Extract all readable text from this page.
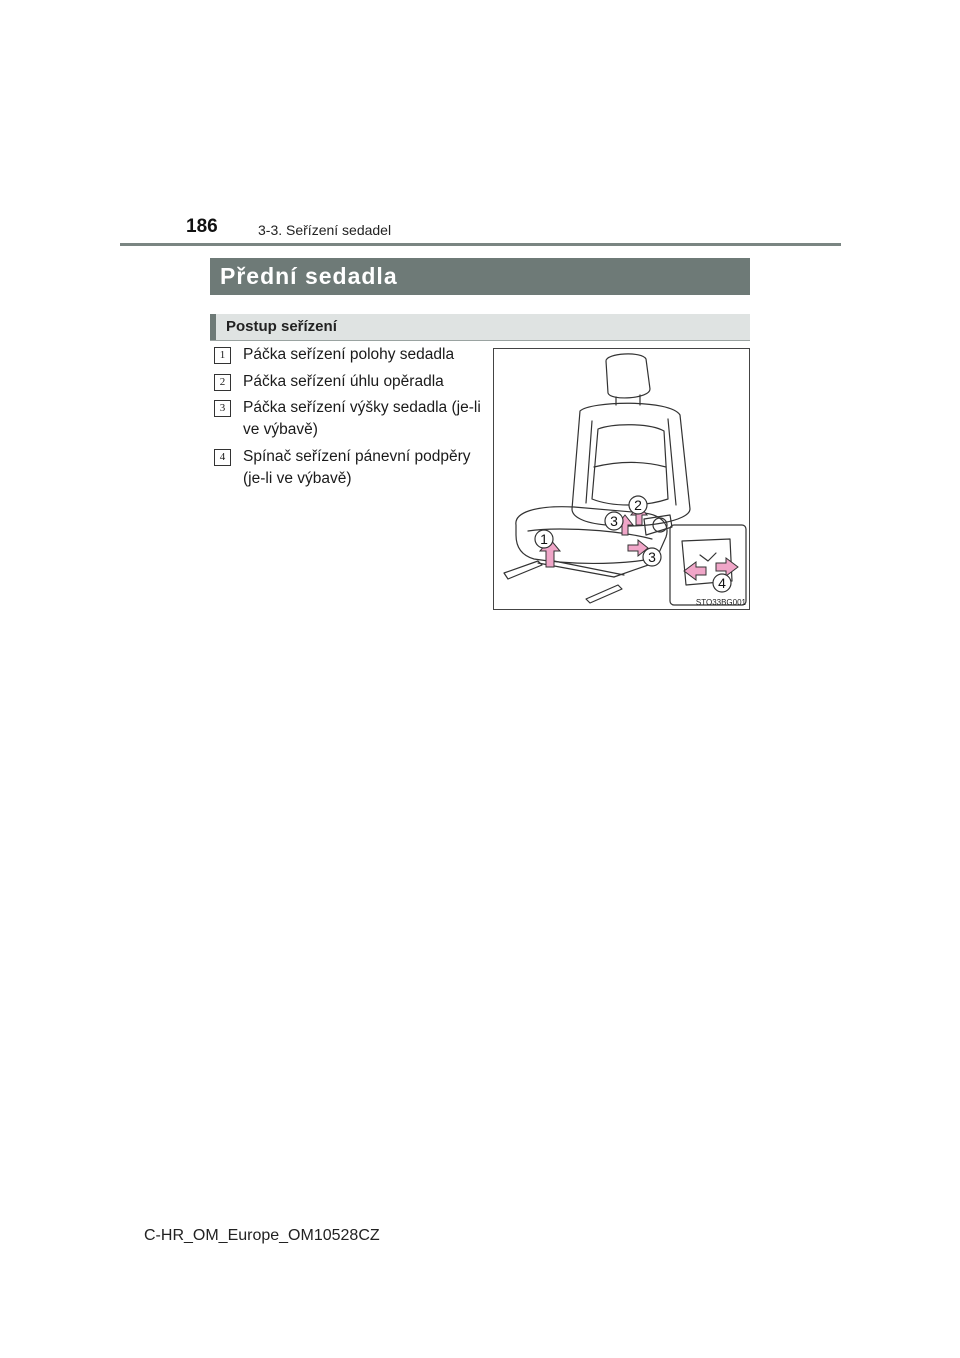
186	3-3. Seřízení sedadel
Přední sedadla
Postup seřízení
1	Páčka seřízení polohy sedadla
2	Páčka seřízení úhlu opěradla
3	Páčka seřízení výšky sedadla (je-li ve výbavě)
4	Spínač seřízení pánevní podpěry (je-li ve výbavě)
1
2
3
3
4
STO33BG001
C-HR_OM_Europe_OM10528CZ
